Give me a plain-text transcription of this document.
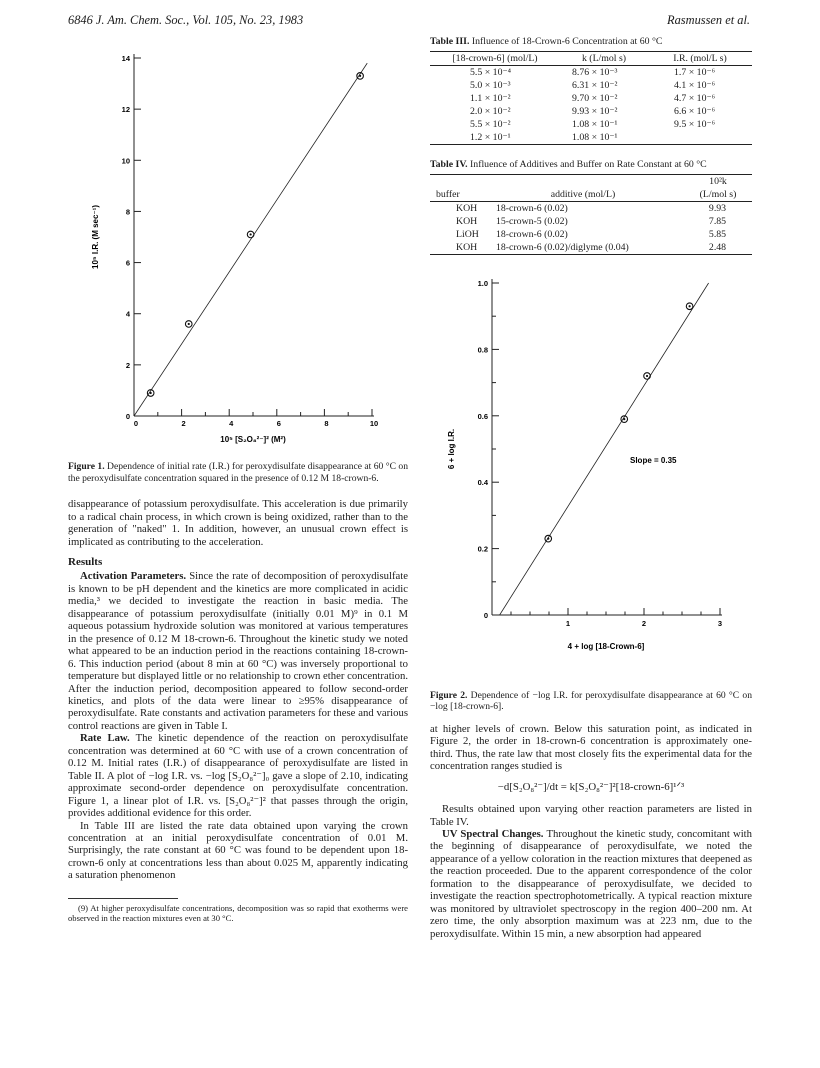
6846 J. Am. Chem. Soc., Vol. 105, No. 23, 1983	Rasmussen et al.
0
2
4
6
8
10
12
14
0	2	4	6	8	10
10⁵ [S₂O₈²⁻]² (M²)
10⁵ I.R. (M sec⁻¹)
Figure 1. Dependence of initial rate (I.R.) for peroxydisulfate disappearance at 60 °C on the peroxydisulfate concentration squared in the presence of 0.12 M 18-crown-6.

disappearance of potassium peroxydisulfate. This acceleration is due primarily to a radical chain process, in which crown is being oxidized, rather than to the generation of "naked" 1. In addition, however, an unusual crown effect is implicated as contributing to the acceleration.

Results

Activation Parameters. Since the rate of decomposition of peroxydisulfate is known to be pH dependent and the kinetics are more complicated in acidic media,³ we decided to investigate the reaction in basic media. The disappearance of potassium peroxydisulfate (initially 0.01 M)⁹ in 0.1 M aqueous potassium hydroxide solution was monitored at various temperatures in the presence of 0.12 M 18-crown-6. Throughout the kinetic study we noted what appeared to be an induction period in the reactions containing 18-crown-6. This induction period (about 8 min at 60 °C) was inversely proportional to temperature but displayed little or no relationship to crown ether concentration. After the induction period, decomposition appeared to follow second-order kinetics, and plots of the data were linear to ≥95% disappearance of peroxydisulfate. Rate constants and activation parameters for these and various control reactions are given in Table I.

Rate Law. The kinetic dependence of the reaction on peroxydisulfate concentration was determined at 60 °C with use of a crown concentration of 0.12 M. Initial rates (I.R.) of disappearance of peroxydisulfate are listed in Table II. A plot of −log I.R. vs. −log [S₂O₈²⁻]₀ gave a slope of 2.10, indicating approximate second-order dependence on peroxydisulfate concentration. Figure 1, a linear plot of I.R. vs. [S₂O₈²⁻]² that passes through the origin, provides additional evidence for this order.

In Table III are listed the rate data obtained upon varying the crown concentration at an initial peroxydisulfate concentration of 0.01 M. Surprisingly, the rate constant at 60 °C was found to be dependent upon 18-crown-6 only at concentrations less than about 0.025 M, apparently indicating a saturation phenomenon

(9) At higher peroxydisulfate concentrations, decomposition was so rapid that exotherms were observed in the reaction mixtures even at 30 °C.
Table III. Influence of 18-Crown-6 Concentration at 60 °C
[18-crown-6] (mol/L)	k (L/mol s)	I.R. (mol/L s)
5.5 × 10⁻⁴	8.76 × 10⁻³	1.7 × 10⁻⁶
5.0 × 10⁻³	6.31 × 10⁻²	4.1 × 10⁻⁶
1.1 × 10⁻²	9.70 × 10⁻²	4.7 × 10⁻⁶
2.0 × 10⁻²	9.93 × 10⁻²	6.6 × 10⁻⁶
5.5 × 10⁻²	1.08 × 10⁻¹	9.5 × 10⁻⁶
1.2 × 10⁻¹	1.08 × 10⁻¹	
Table IV. Influence of Additives and Buffer on Rate Constant at 60 °C
		10²k
buffer	additive (mol/L)	(L/mol s)
KOH	18-crown-6 (0.02)	9.93
KOH	15-crown-5 (0.02)	7.85
LiOH	18-crown-6 (0.02)	5.85
KOH	18-crown-6 (0.02)/diglyme (0.04)	2.48
0.2
0.4
0.6
0.8
1.0
0
1	2	3
4 + log [18-Crown-6]
6 + log I.R.	Slope = 0.35
Figure 2. Dependence of −log I.R. for peroxydisulfate disappearance at 60 °C on −log [18-crown-6].

at higher levels of crown. Below this saturation point, as indicated in Figure 2, the order in 18-crown-6 concentration is approximately one-third. Thus, the rate law that most closely fits the experimental data for the concentration ranges studied is

−d[S₂O₈²⁻]/dt = k[S₂O₈²⁻]²[18-crown-6]¹ᐟ³

Results obtained upon varying other reaction parameters are listed in Table IV.

UV Spectral Changes. Throughout the kinetic study, concomitant with the beginning of disappearance of peroxydisulfate, we noted the appearance of a yellow coloration in the reaction mixtures that deepened as the reaction proceeded. Due to the apparent correspondence of the color formation to the disappearance of peroxydisulfate, we decided to investigate the reaction spectrophotometrically. A typical reaction mixture was monitored by ultraviolet spectroscopy in the region 400–200 nm. At zero time, the only absorption maximum was at 223 nm, due to the peroxydisulfate. Within 15 min, a new absorption had appeared
